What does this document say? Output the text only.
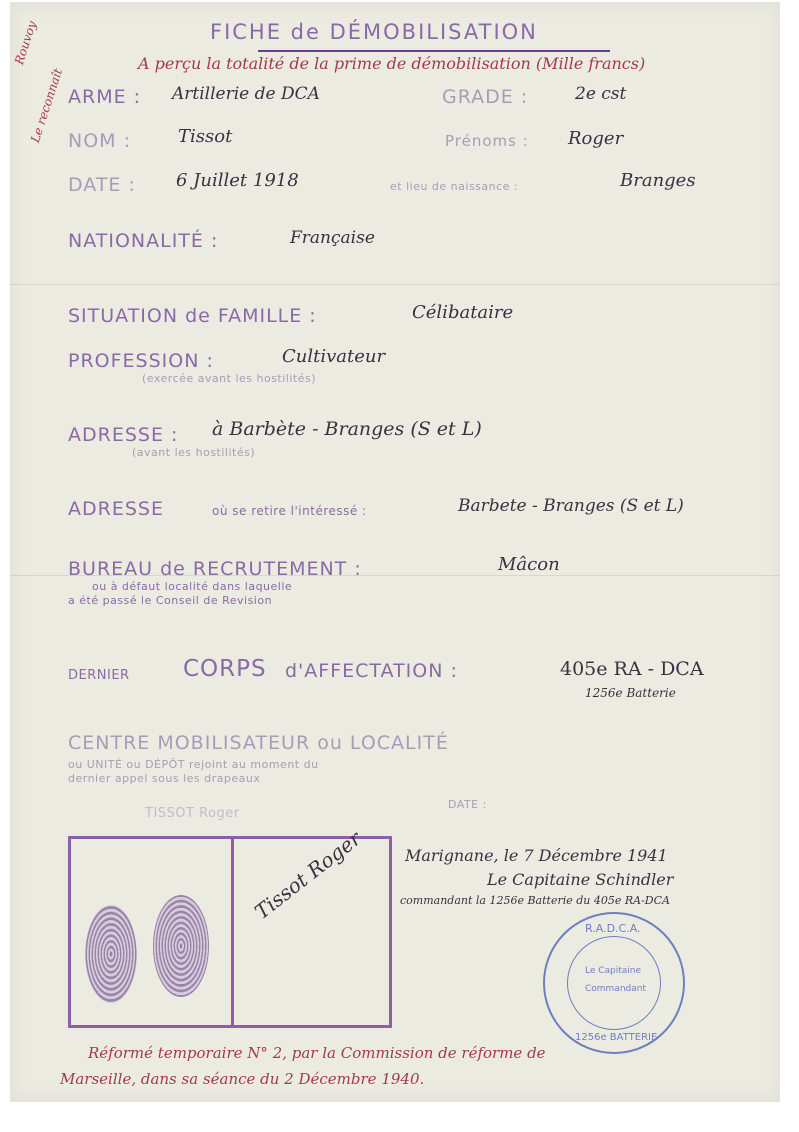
FICHE de DÉMOBILISATION
A perçu la totalité de la prime de démobilisation (Mille francs)
Rouvoy
Le reconnaît ARME : Artillerie de DCA	GRADE :	2e cst
NOM :	Tissot	Prénoms : Roger
DATE : 6 Juillet 1918	et lieu de naissance :	Branges
NATIONALITÉ :	Française
SITUATION de FAMILLE :	Célibataire
PROFESSION :	Cultivateur
(exercée avant les hostilités)
ADRESSE : à Barbète - Branges (S et L)
(avant les hostilités)
ADRESSE	où se retire l'intéressé :	Barbete - Branges (S et L)
BUREAU de RECRUTEMENT :	Mâcon
ou à défaut localité dans laquelle
a été passé le Conseil de Revision
DERNIER CORPS d'AFFECTATION :	405e RA - DCA
1256e Batterie
CENTRE MOBILISATEUR ou LOCALITÉ
ou UNITÉ ou DÉPÔT rejoint au moment du
dernier appel sous les drapeaux
DATE :
TISSOT Roger
Tissot Roger Marignane, le 7 Décembre 1941
Le Capitaine Schindler
commandant la 1256e Batterie du 405e RA-DCA
R.A.D.C.A.
Le Capitaine
Commandant
1256e BATTERIE
Réformé temporaire N° 2, par la Commission de réforme de
Marseille, dans sa séance du 2 Décembre 1940.
